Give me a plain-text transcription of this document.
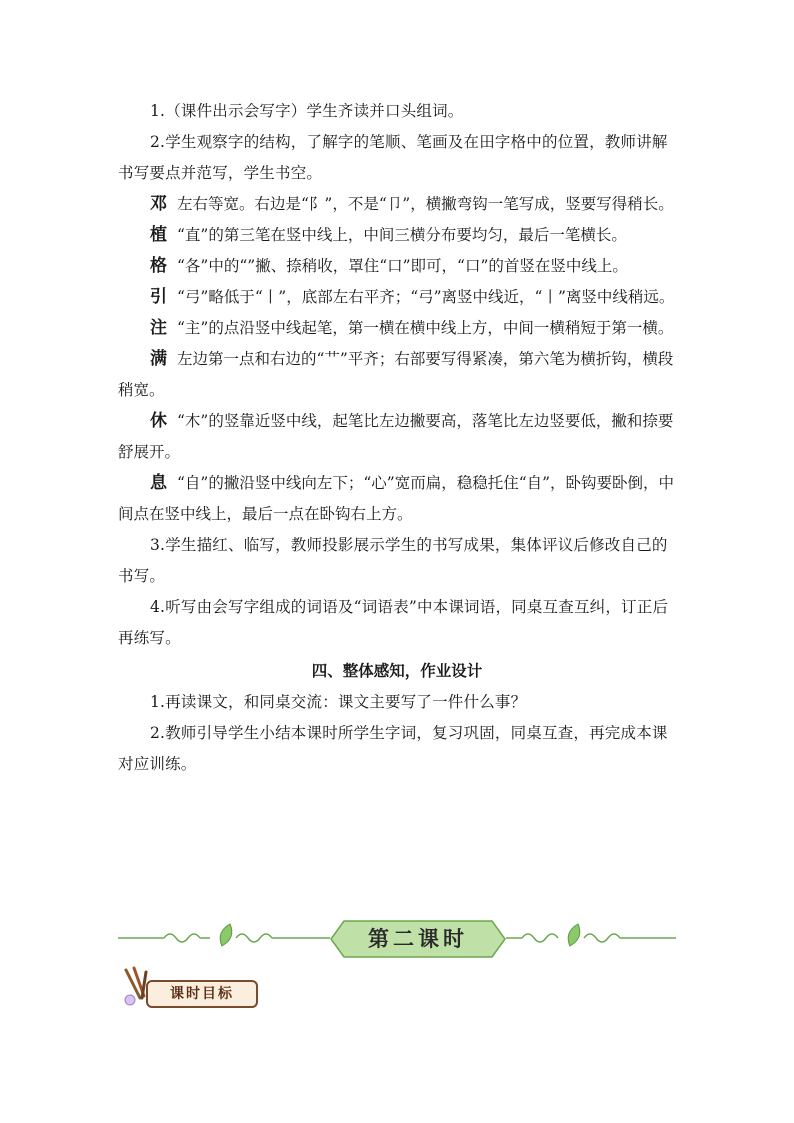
1.（课件出示会写字）学生齐读并口头组词。

2.学生观察字的结构，了解字的笔顺、笔画及在田字格中的位置，教师讲解书写要点并范写，学生书空。

邓 左右等宽。右边是“阝”，不是“卩”，横撇弯钩一笔写成，竖要写得稍长。

植 “直”的第三笔在竖中线上，中间三横分布要均匀，最后一笔横长。

格 “各”中的“”撇、捺稍收，罩住“口”即可，“口”的首竖在竖中线上。

引 “弓”略低于“丨”，底部左右平齐；“弓”离竖中线近，“丨”离竖中线稍远。

注 “主”的点沿竖中线起笔，第一横在横中线上方，中间一横稍短于第一横。

满 左边第一点和右边的“艹”平齐；右部要写得紧凑，第六笔为横折钩，横段稍宽。

休 “木”的竖靠近竖中线，起笔比左边撇要高，落笔比左边竖要低，撇和捺要舒展开。

息 “自”的撇沿竖中线向左下；“心”宽而扁，稳稳托住“自”，卧钩要卧倒，中间点在竖中线上，最后一点在卧钩右上方。

3.学生描红、临写，教师投影展示学生的书写成果，集体评议后修改自己的书写。

4.听写由会写字组成的词语及“词语表”中本课词语，同桌互查互纠，订正后再练写。

四、整体感知，作业设计

1.再读课文，和同桌交流：课文主要写了一件什么事？

2.教师引导学生小结本课时所学生字词，复习巩固，同桌互查，再完成本课对应训练。

第二课时
课时目标
